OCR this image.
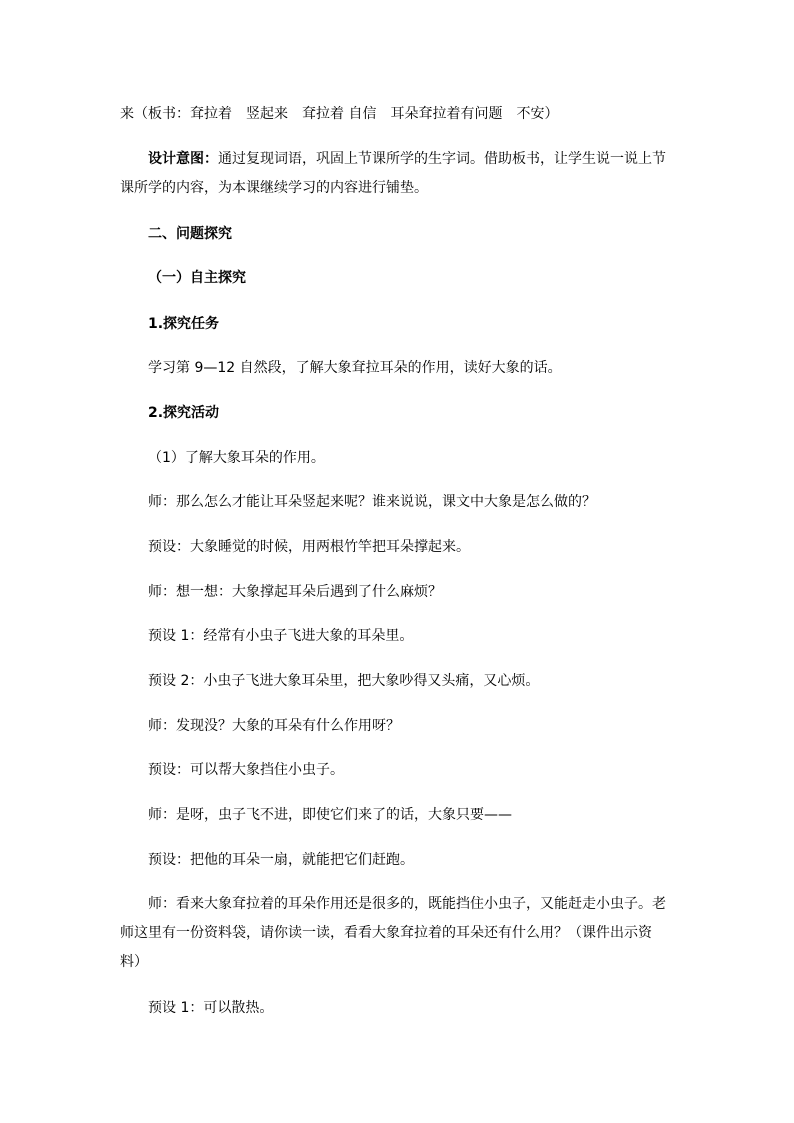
来（板书：耷拉着　竖起来　耷拉着 自信　耳朵耷拉着有问题　不安）
设计意图：通过复现词语，巩固上节课所学的生字词。借助板书，让学生说一说上节
课所学的内容，为本课继续学习的内容进行铺垫。
二、问题探究
（一）自主探究
1.探究任务
学习第 9—12 自然段，了解大象耷拉耳朵的作用，读好大象的话。
2.探究活动
（1）了解大象耳朵的作用。
师：那么怎么才能让耳朵竖起来呢？谁来说说，课文中大象是怎么做的？
预设：大象睡觉的时候，用两根竹竿把耳朵撑起来。
师：想一想：大象撑起耳朵后遇到了什么麻烦？
预设 1：经常有小虫子飞进大象的耳朵里。
预设 2：小虫子飞进大象耳朵里，把大象吵得又头痛，又心烦。
师：发现没？大象的耳朵有什么作用呀？
预设：可以帮大象挡住小虫子。
师：是呀，虫子飞不进，即使它们来了的话，大象只要——
预设：把他的耳朵一扇，就能把它们赶跑。
师：看来大象耷拉着的耳朵作用还是很多的，既能挡住小虫子，又能赶走小虫子。老
师这里有一份资料袋，请你读一读，看看大象耷拉着的耳朵还有什么用？（课件出示资
料）
预设 1：可以散热。
